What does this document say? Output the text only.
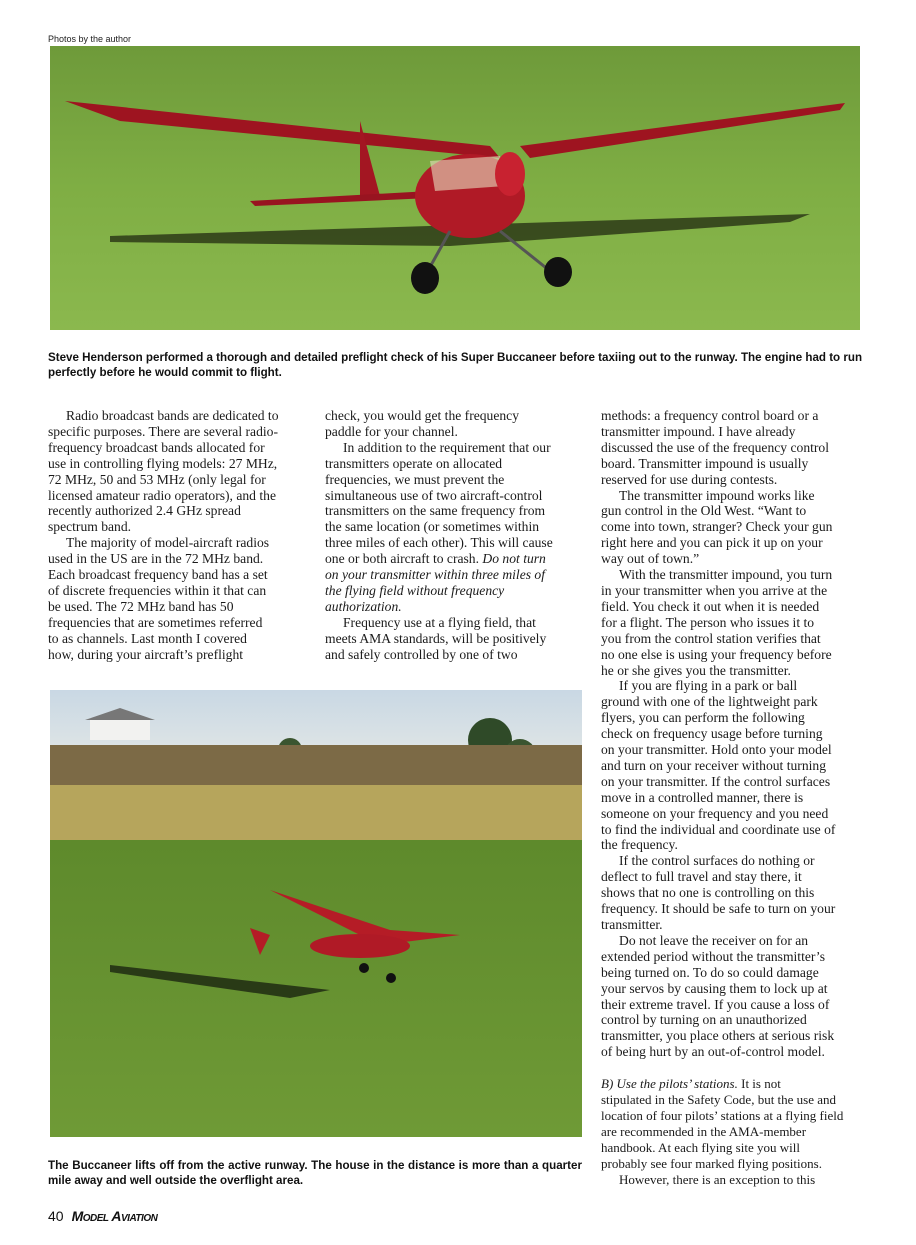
Photos by the author
Steve Henderson performed a thorough and detailed preflight check of his Super Buccaneer before taxiing out to the runway. The engine had to run perfectly before he would commit to flight.

Radio broadcast bands are dedicated to
specific purposes. There are several radio-
frequency broadcast bands allocated for
use in controlling flying models: 27 MHz,
72 MHz, 50 and 53 MHz (only legal for
licensed amateur radio operators), and the
recently authorized 2.4 GHz spread
spectrum band.

The majority of model-aircraft radios
used in the US are in the 72 MHz band.
Each broadcast frequency band has a set
of discrete frequencies within it that can
be used. The 72 MHz band has 50
frequencies that are sometimes referred
to as channels. Last month I covered
how, during your aircraft’s preflight

check, you would get the frequency
paddle for your channel.

In addition to the requirement that our
transmitters operate on allocated
frequencies, we must prevent the
simultaneous use of two aircraft-control
transmitters on the same frequency from
the same location (or sometimes within
three miles of each other). This will cause
one or both aircraft to crash. Do not turn
on your transmitter within three miles of
the flying field without frequency
authorization.

Frequency use at a flying field, that
meets AMA standards, will be positively
and safely controlled by one of two

methods: a frequency control board or a
transmitter impound. I have already
discussed the use of the frequency control
board. Transmitter impound is usually
reserved for use during contests.

The transmitter impound works like
gun control in the Old West. “Want to
come into town, stranger? Check your gun
right here and you can pick it up on your
way out of town.”

With the transmitter impound, you turn
in your transmitter when you arrive at the
field. You check it out when it is needed
for a flight. The person who issues it to
you from the control station verifies that
no one else is using your frequency before
he or she gives you the transmitter.

If you are flying in a park or ball
ground with one of the lightweight park
flyers, you can perform the following
check on frequency usage before turning
on your transmitter. Hold onto your model
and turn on your receiver without turning
on your transmitter. If the control surfaces
move in a controlled manner, there is
someone on your frequency and you need
to find the individual and coordinate use of
the frequency.

If the control surfaces do nothing or
deflect to full travel and stay there, it
shows that no one is controlling on this
frequency. It should be safe to turn on your
transmitter.

Do not leave the receiver on for an
extended period without the transmitter’s
being turned on. To do so could damage
your servos by causing them to lock up at
their extreme travel. If you cause a loss of
control by turning on an unauthorized
transmitter, you place others at serious risk
of being hurt by an out-of-control model.

B) Use the pilots’ stations. It is not
stipulated in the Safety Code, but the use and
location of four pilots’ stations at a flying field
are recommended in the AMA-member
handbook. At each flying site you will
probably see four marked flying positions.

However, there is an exception to this

The Buccaneer lifts off from the active runway. The house in the distance is more than a quarter mile away and well outside the overflight area.
40 Model Aviation
